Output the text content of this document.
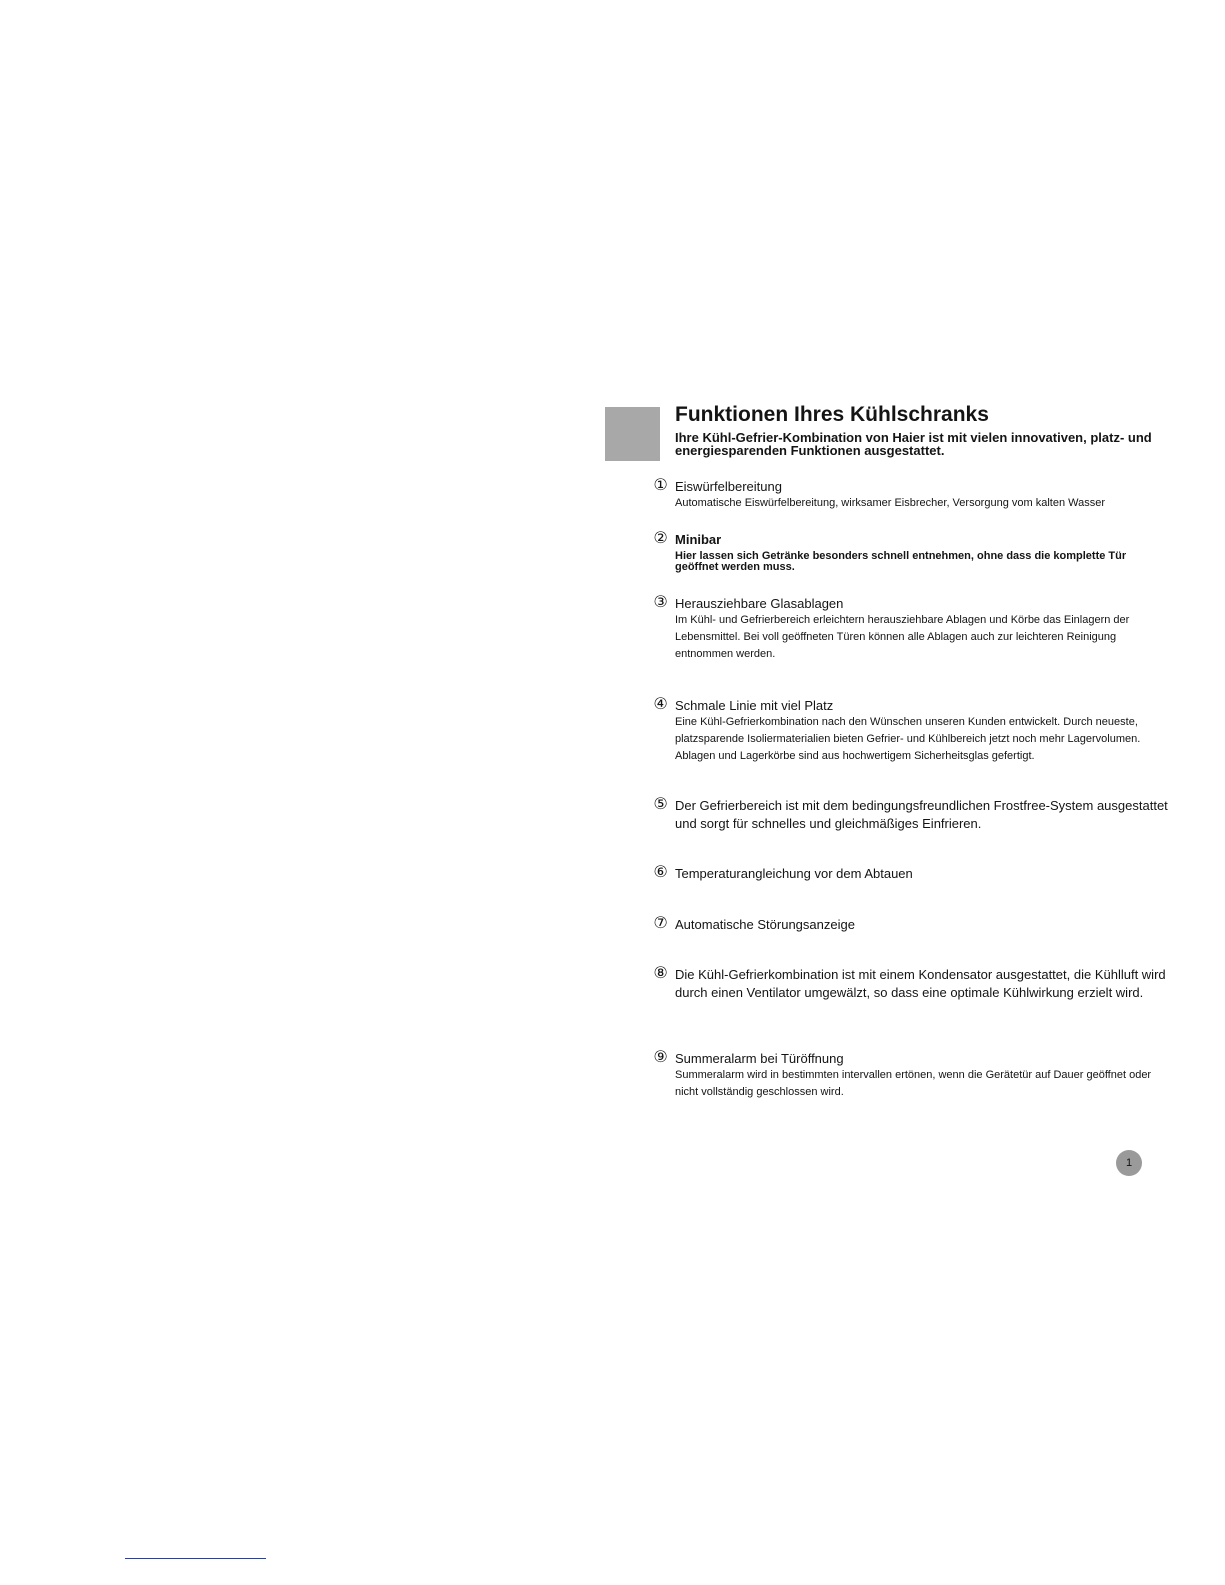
Funktionen Ihres Kühlschranks

Ihre Kühl-Gefrier-Kombination von Haier ist mit vielen innovativen, platz- und energiesparenden Funktionen ausgestattet.

① Eiswürfelbereitung
Automatische Eiswürfelbereitung, wirksamer Eisbrecher, Versorgung vom kalten Wasser
② Minibar
Hier lassen sich Getränke besonders schnell entnehmen, ohne dass die komplette Tür geöffnet werden muss.
③ Herausziehbare Glasablagen
Im Kühl- und Gefrierbereich erleichtern herausziehbare Ablagen und Körbe das Einlagern der Lebensmittel. Bei voll geöffneten Türen können alle Ablagen auch zur leichteren Reinigung entnommen werden.
④ Schmale Linie mit viel Platz
Eine Kühl-Gefrierkombination nach den Wünschen unseren Kunden entwickelt. Durch neueste, platzsparende Isoliermaterialien bieten Gefrier- und Kühlbereich jetzt noch mehr Lagervolumen. Ablagen und Lagerkörbe sind aus hochwertigem Sicherheitsglas gefertigt.
⑤ Der Gefrierbereich ist mit dem bedingungsfreundlichen Frostfree-System ausgestattet und sorgt für schnelles und gleichmäßiges Einfrieren.
⑥ Temperaturangleichung vor dem Abtauen
⑦ Automatische Störungsanzeige
⑧ Die Kühl-Gefrierkombination ist mit einem Kondensator ausgestattet, die Kühlluft wird durch einen Ventilator umgewälzt, so dass eine optimale Kühlwirkung erzielt wird.
⑨ Summeralarm bei Türöffnung
Summeralarm wird in bestimmten intervallen ertönen, wenn die Gerätetür auf Dauer geöffnet oder nicht vollständig geschlossen wird.
1
